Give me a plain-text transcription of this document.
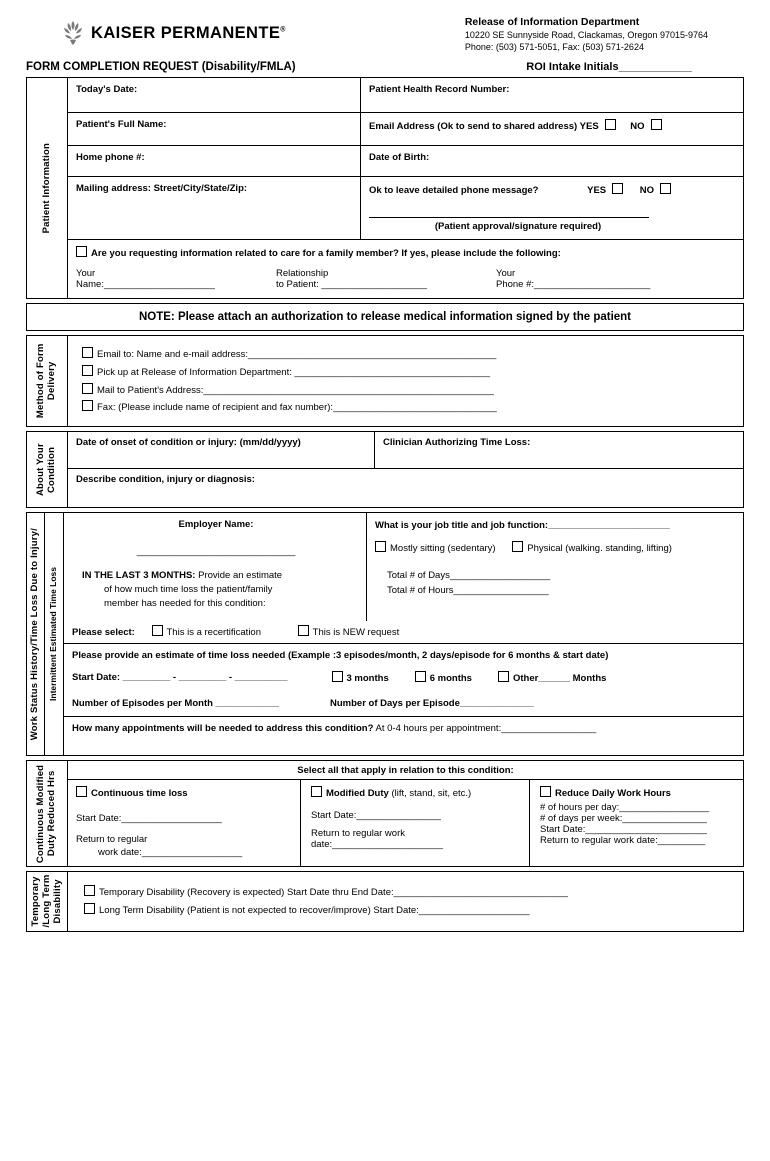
KAISER PERMANENTE®
Release of Information Department
10220 SE Sunnyside Road, Clackamas, Oregon 97015-9764
Phone: (503) 571-5051, Fax: (503) 571-2624
FORM COMPLETION REQUEST (Disability/FMLA)	ROI Intake Initials____________
Patient Information
Today's Date:	Patient Health Record Number:
Patient's Full Name:	Email Address (Ok to send to shared address) YES	NO
Home phone #:	Date of Birth:
Mailing address: Street/City/State/Zip:	Ok to leave detailed phone message?	YES	NO
(Patient approval/signature required)
Are you requesting information related to care for a family member? If yes, please include the following:
Your
Name:_____________________
Relationship
to Patient: ____________________
Your
Phone #:______________________
NOTE: Please attach an authorization to release medical information signed by the patient
Method of Form Delivery
Email to: Name and e-mail address:_______________________________________________
Pick up at Release of Information Department: _____________________________________
Mail to Patient's Address:_______________________________________________________
Fax: (Please include name of recipient and fax number):_______________________________
About Your Condition
Date of onset of condition or injury: (mm/dd/yyyy)	Clinician Authorizing Time Loss:
Describe condition, injury or diagnosis:
Work Status History/Time Loss Due to Injury/ Intermittent Estimated Time Loss
Employer Name:
______________________________
IN THE LAST 3 MONTHS: Provide an estimate
of how much time loss the patient/family
member has needed for this condition:
What is your job title and job function:_______________________
Mostly sitting (sedentary)	Physical (walking. standing, lifting)
Total # of Days___________________
Total # of Hours__________________
Please select:	This is a recertification	This is NEW request
Please provide an estimate of time loss needed (Example :3 episodes/month, 2 days/episode for 6 months & start date)
Start Date: _________ - _________ - __________	3 months	6 months	Other______ Months
Number of Episodes per Month ____________	Number of Days per Episode______________
How many appointments will be needed to address this condition? At 0-4 hours per appointment:__________________
Continuous Modified Duty Reduced Hrs
Select all that apply in relation to this condition:
Continuous time loss
Start Date:___________________
Return to regular
work date:___________________
Modified Duty (lift, stand, sit, etc.)
Start Date:________________
Return to regular work
date:_____________________
Reduce Daily Work Hours
# of hours per day:_________________
# of days per week:________________
Start Date:_______________________
Return to regular work date:_________
Temporary /Long Term Disability	Temporary Disability (Recovery is expected) Start Date thru End Date:_________________________________
Long Term Disability (Patient is not expected to recover/improve) Start Date:_____________________
